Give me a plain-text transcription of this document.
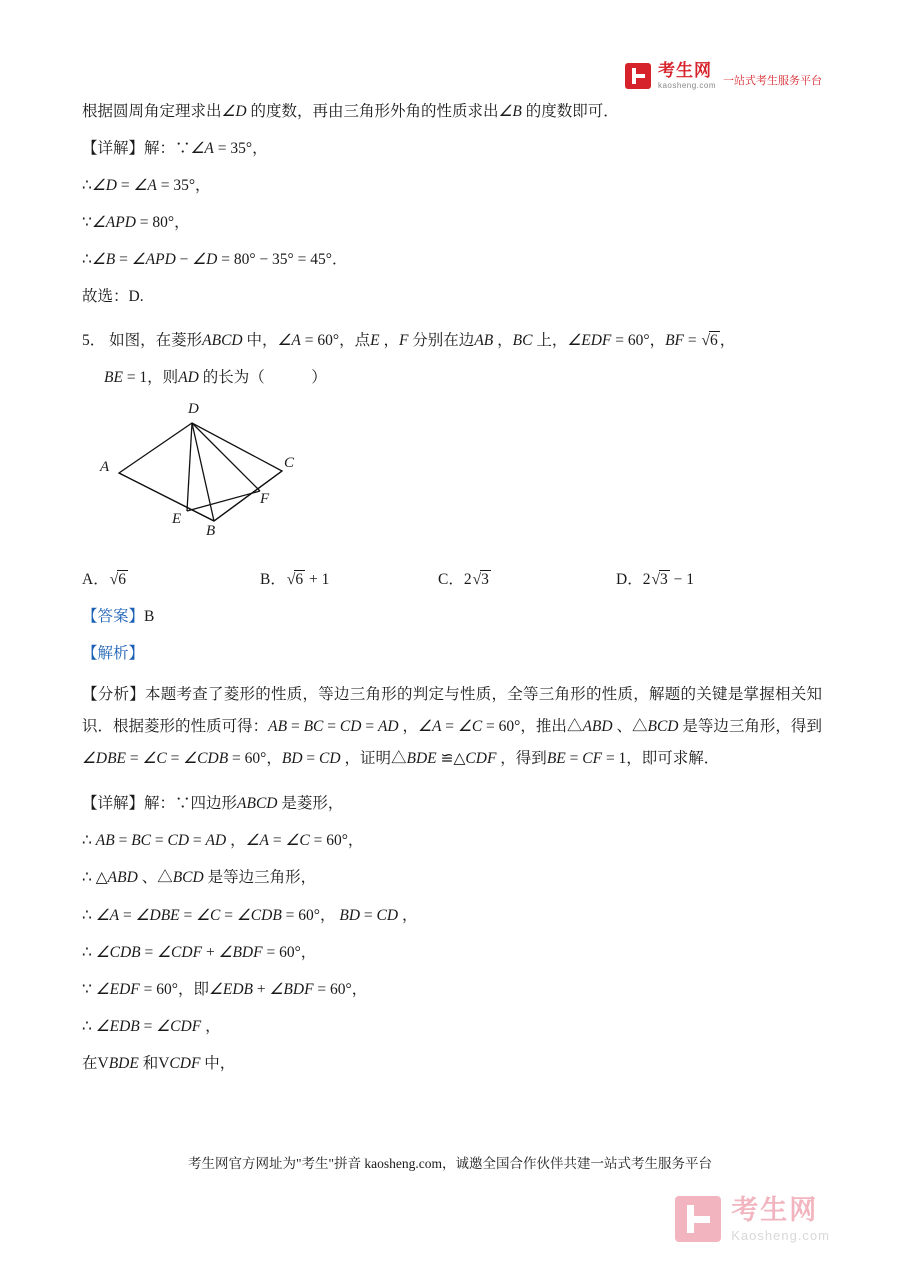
考生网
kaosheng.com 一站式考生服务平台

根据圆周角定理求出∠D 的度数，再由三角形外角的性质求出∠B 的度数即可．

【详解】解：∵∠A = 35°，

∴∠D = ∠A = 35°，

∵∠APD = 80°，

∴∠B = ∠APD − ∠D = 80° − 35° = 45°．

故选：D.

5． 如图，在菱形ABCD 中，∠A = 60°，点E ，F 分别在边AB ，BC 上，∠EDF = 60°，BF = √6 ，

BE = 1，则AD 的长为（　　　）

D
A	C
F
E
B
A．√6	B．√6 + 1	C．2√3	D．2√3 − 1

【答案】B

【解析】

【分析】本题考查了菱形的性质，等边三角形的判定与性质，全等三角形的性质，解题的关键是掌握相关知识．根据菱形的性质可得：AB = BC = CD = AD ，∠A = ∠C = 60°，推出△ABD 、△BCD 是等边三角形，得到∠DBE = ∠C = ∠CDB = 60°，BD = CD ，证明△BDE ≌△CDF ，得到BE = CF = 1，即可求解．

【详解】解：∵四边形ABCD 是菱形，

∴ AB = BC = CD = AD ，∠A = ∠C = 60°，

∴ △ABD 、△BCD 是等边三角形，

∴ ∠A = ∠DBE = ∠C = ∠CDB = 60°， BD = CD ，

∴ ∠CDB = ∠CDF + ∠BDF = 60°，

∵ ∠EDF = 60°，即∠EDB + ∠BDF = 60°，

∴ ∠EDB = ∠CDF ，

在VBDE 和VCDF 中，

考生网官方网址为"考生"拼音 kaosheng.com，诚邀全国合作伙伴共建一站式考生服务平台
考生网
Kaosheng.com
